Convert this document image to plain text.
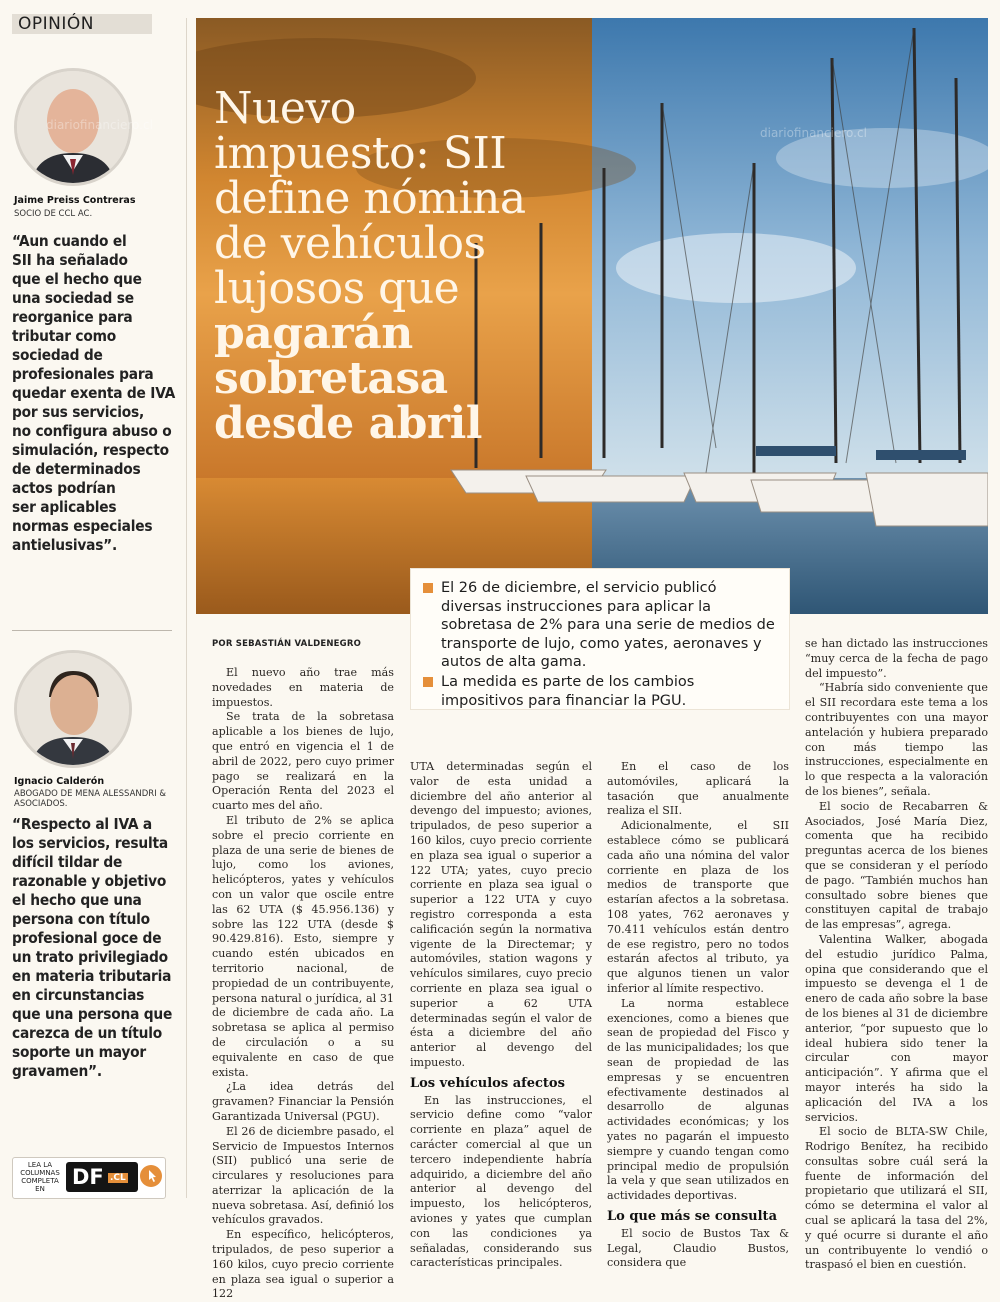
OPINIÓN
Jaime Preiss Contreras
SOCIO DE CCL AC.
“Aun cuando el
SII ha señalado
que el hecho que
una sociedad se
reorganice para
tributar como
sociedad de
profesionales para
quedar exenta de IVA
por sus servicios,
no configura abuso o
simulación, respecto
de determinados
actos podrían
ser aplicables
normas especiales
antielusivas”.
Ignacio Calderón
ABOGADO DE MENA ALESSANDRI & ASOCIADOS.
“Respecto al IVA a
los servicios, resulta
difícil tildar de
razonable y objetivo
el hecho que una
persona con título
profesional goce de
un trato privilegiado
en materia tributaria
en circunstancias
que una persona que
carezca de un título
soporte un mayor
gravamen”.
LEA LA COLUMNAS COMPLETA EN	DF .CL
diariofinanciero.cl
diariofinanciero.cl
Nuevo
impuesto: SII
define nómina
de vehículos
lujosos que
pagarán
sobretasa
desde abril
El 26 de diciembre, el servicio publicó diversas instrucciones para aplicar la sobretasa de 2% para una serie de medios de transporte de lujo, como yates, aeronaves y autos de alta gama.
La medida es parte de los cambios impositivos para financiar la PGU.
POR SEBASTIÁN VALDENEGRO

El nuevo año trae más novedades en materia de impuestos.

Se trata de la sobretasa aplicable a los bienes de lujo, que entró en vigencia el 1 de abril de 2022, pero cuyo primer pago se realizará en la Operación Renta del 2023 el cuarto mes del año.

El tributo de 2% se aplica sobre el precio corriente en plaza de una serie de bienes de lujo, como los aviones, helicópteros, yates y vehículos con un valor que oscile entre las 62 UTA ($ 45.956.136) y sobre las 122 UTA (desde $ 90.429.816). Esto, siempre y cuando estén ubicados en territorio nacional, de propiedad de un contribuyente, persona natural o jurídica, al 31 de diciembre de cada año. La sobretasa se aplica al permiso de circulación o a su equivalente en caso de que exista.

¿La idea detrás del gravamen? Financiar la Pensión Garantizada Universal (PGU).

El 26 de diciembre pasado, el Servicio de Impuestos Internos (SII) publicó una serie de circulares y resoluciones para aterrizar la aplicación de la nueva sobretasa. Así, definió los vehículos gravados.

En específico, helicópteros, tripulados, de peso superior a 160 kilos, cuyo precio corriente en plaza sea igual o superior a 122

UTA determinadas según el valor de esta unidad a diciembre del año anterior al devengo del impuesto; aviones, tripulados, de peso superior a 160 kilos, cuyo precio corriente en plaza sea igual o superior a 122 UTA; yates, cuyo precio corriente en plaza sea igual o superior a 122 UTA y cuyo registro corresponda a esta calificación según la normativa vigente de la Directemar; y automóviles, station wagons y vehículos similares, cuyo precio corriente en plaza sea igual o superior a 62 UTA determinadas según el valor de ésta a diciembre del año anterior al devengo del impuesto.

Los vehículos afectos

En las instrucciones, el servicio define como “valor corriente en plaza” aquel de carácter comercial al que un tercero independiente habría adquirido, a diciembre del año anterior al devengo del impuesto, los helicópteros, aviones y yates que cumplan con las condiciones ya señaladas, considerando sus características principales.

En el caso de los automóviles, aplicará la tasación que anualmente realiza el SII.

Adicionalmente, el SII establece cómo se publicará cada año una nómina del valor corriente en plaza de los medios de transporte que estarían afectos a la sobretasa. 108 yates, 762 aeronaves y 70.411 vehículos están dentro de ese registro, pero no todos estarán afectos al tributo, ya que algunos tienen un valor inferior al límite respectivo.

La norma establece exenciones, como a bienes que sean de propiedad del Fisco y de las municipalidades; los que sean de propiedad de las empresas y se encuentren efectivamente destinados al desarrollo de algunas actividades económicas; y los yates no pagarán el impuesto siempre y cuando tengan como principal medio de propulsión la vela y que sean utilizados en actividades deportivas.

Lo que más se consulta

El socio de Bustos Tax & Legal, Claudio Bustos, considera que

se han dictado las instrucciones “muy cerca de la fecha de pago del impuesto”.

“Habría sido conveniente que el SII recordara este tema a los contribuyentes con una mayor antelación y hubiera preparado con más tiempo las instrucciones, especialmente en lo que respecta a la valoración de los bienes”, señala.

El socio de Recabarren & Asociados, José María Diez, comenta que ha recibido preguntas acerca de los bienes que se consideran y el período de pago. “También muchos han consultado sobre bienes que constituyen capital de trabajo de las empresas”, agrega.

Valentina Walker, abogada del estudio jurídico Palma, opina que considerando que el impuesto se devenga el 1 de enero de cada año sobre la base de los bienes al 31 de diciembre anterior, “por supuesto que lo ideal hubiera sido tener la circular con mayor anticipación”. Y afirma que el mayor interés ha sido la aplicación del IVA a los servicios.

El socio de BLTA-SW Chile, Rodrigo Benítez, ha recibido consultas sobre cuál será la fuente de información del propietario que utilizará el SII, cómo se determina el valor al cual se aplicará la tasa del 2%, y qué ocurre si durante el año un contribuyente lo vendió o traspasó el bien en cuestión.
